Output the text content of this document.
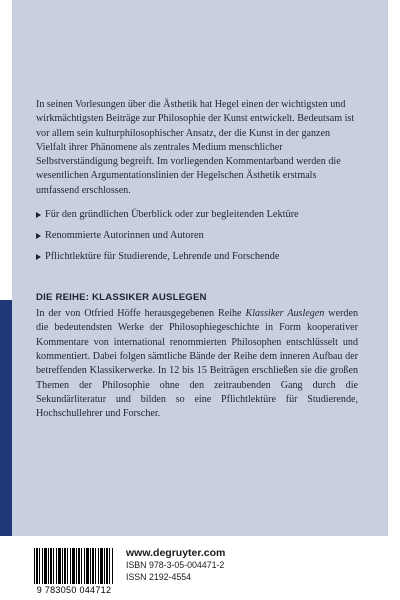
In seinen Vorlesungen über die Ästhetik hat Hegel einen der wichtigsten und wirkmächtigsten Beiträge zur Philosophie der Kunst entwickelt. Bedeutsam ist vor allem sein kulturphilosophischer Ansatz, der die Kunst in der ganzen Vielfalt ihrer Phänomene als zentrales Medium menschlicher Selbstverständigung begreift. Im vorliegenden Kommentarband werden die wesentlichen Argumentationslinien der Hegelschen Ästhetik erstmals umfassend erschlossen.

Für den gründlichen Überblick oder zur begleitenden Lektüre
Renommierte Autorinnen und Autoren
Pflichtlektüre für Studierende, Lehrende und Forschende
DIE REIHE: KLASSIKER AUSLEGEN

In der von Otfried Höffe herausgegebenen Reihe Klassiker Auslegen werden die bedeutendsten Werke der Philosophiegeschichte in Form kooperativer Kommentare von international renommierten Philosophen entschlüsselt und kommentiert. Dabei folgen sämtliche Bände der Reihe dem inneren Aufbau der betreffenden Klassikerwerke. In 12 bis 15 Beiträgen erschließen sie die großen Themen der Philosophie ohne den zeitraubenden Gang durch die Sekundärliteratur und bilden so eine Pflichtlektüre für Studierende, Hochschullehrer und Forscher.

9 783050 044712
www.degruyter.com
ISBN 978-3-05-004471-2
ISSN 2192-4554
